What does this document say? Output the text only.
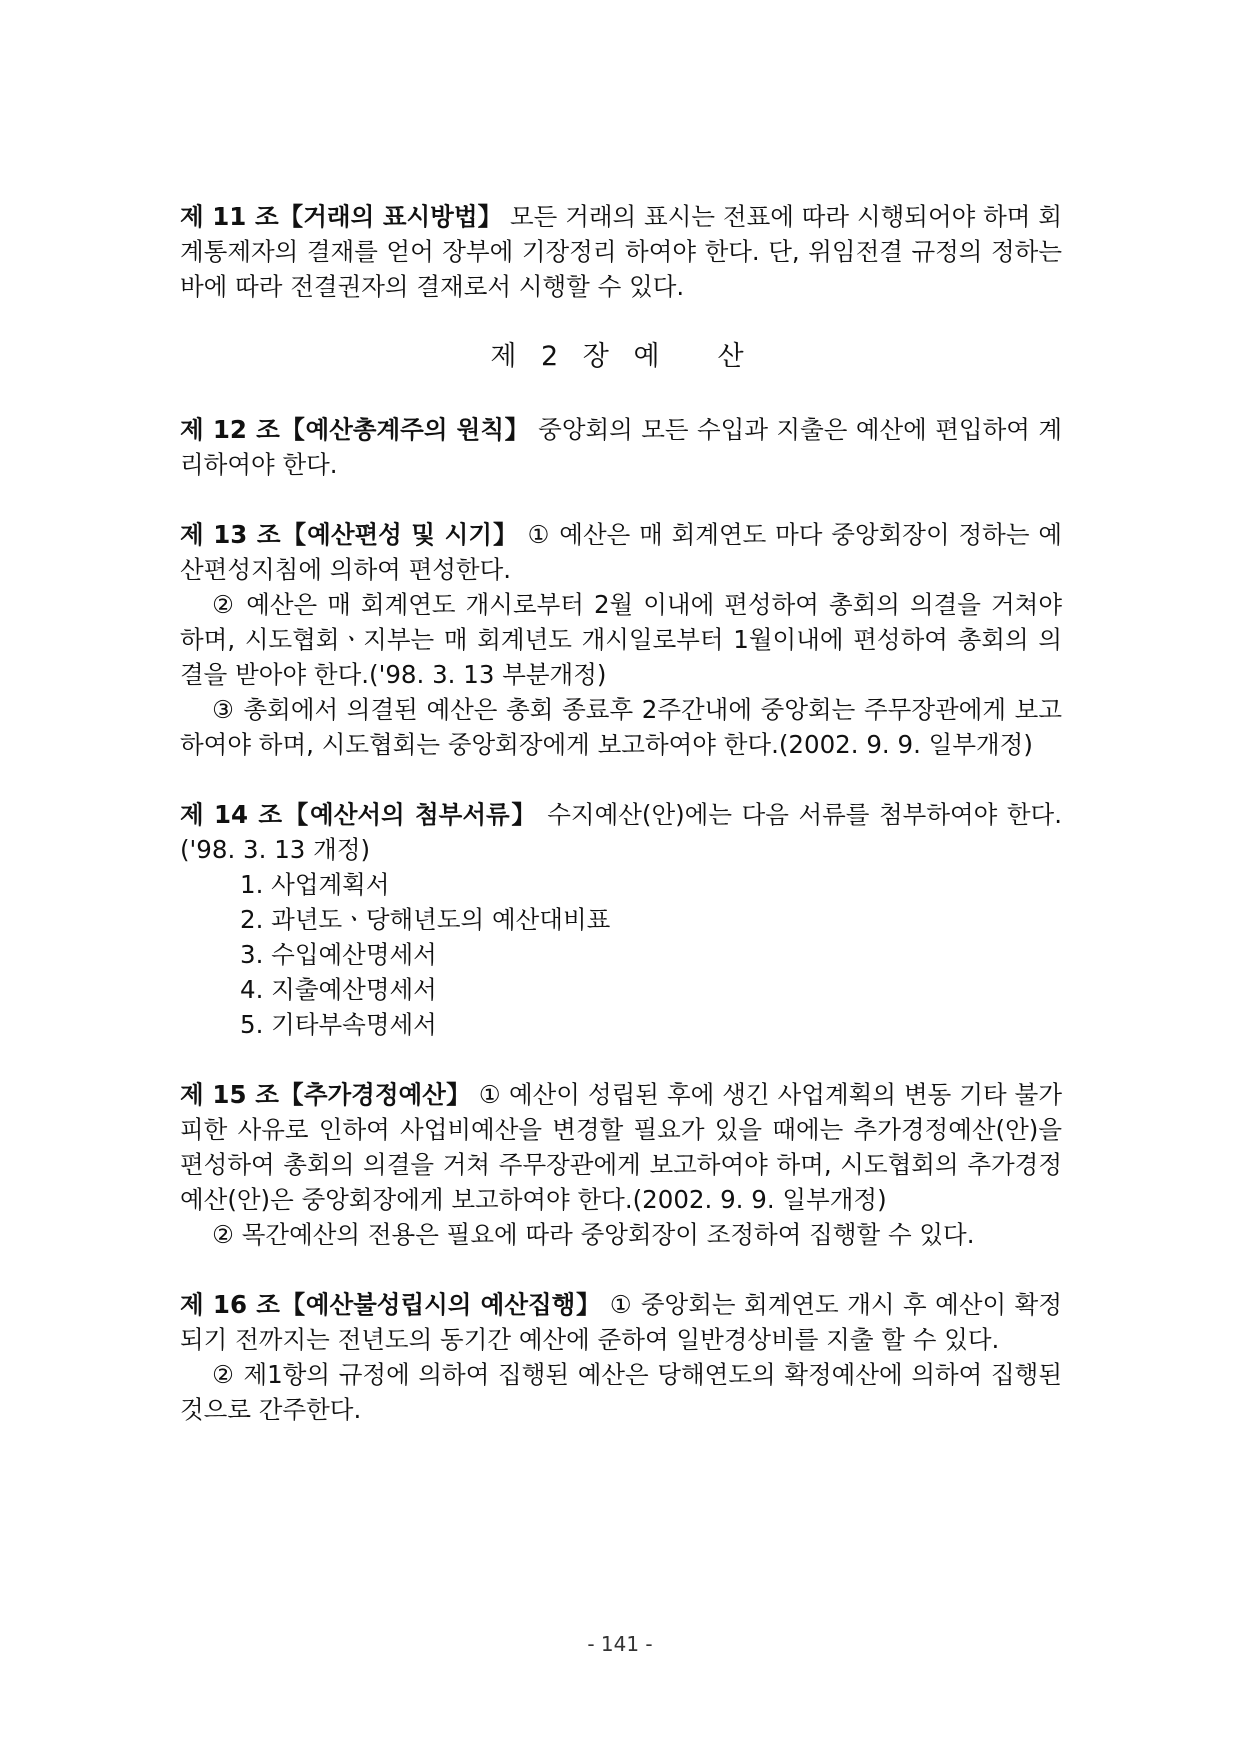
제 11 조【거래의 표시방법】 모든 거래의 표시는 전표에 따라 시행되어야 하며 회계통제자의 결재를 얻어 장부에 기장정리 하여야 한다. 단, 위임전결 규정의 정하는 바에 따라 전결권자의 결재로서 시행할 수 있다.

제 2 장 예 산

제 12 조【예산총계주의 원칙】 중앙회의 모든 수입과 지출은 예산에 편입하여 계리하여야 한다.

제 13 조【예산편성 및 시기】 ① 예산은 매 회계연도 마다 중앙회장이 정하는 예산편성지침에 의하여 편성한다.

② 예산은 매 회계연도 개시로부터 2월 이내에 편성하여 총회의 의결을 거쳐야 하며, 시도협회ㆍ지부는 매 회계년도 개시일로부터 1월이내에 편성하여 총회의 의결을 받아야 한다.('98. 3. 13 부분개정)

③ 총회에서 의결된 예산은 총회 종료후 2주간내에 중앙회는 주무장관에게 보고하여야 하며, 시도협회는 중앙회장에게 보고하여야 한다.(2002. 9. 9. 일부개정)

제 14 조【예산서의 첨부서류】 수지예산(안)에는 다음 서류를 첨부하여야 한다. ('98. 3. 13 개정)

1. 사업계획서
2. 과년도ㆍ당해년도의 예산대비표
3. 수입예산명세서
4. 지출예산명세서
5. 기타부속명세서

제 15 조【추가경정예산】 ① 예산이 성립된 후에 생긴 사업계획의 변동 기타 불가피한 사유로 인하여 사업비예산을 변경할 필요가 있을 때에는 추가경정예산(안)을 편성하여 총회의 의결을 거쳐 주무장관에게 보고하여야 하며, 시도협회의 추가경정예산(안)은 중앙회장에게 보고하여야 한다.(2002. 9. 9. 일부개정)

② 목간예산의 전용은 필요에 따라 중앙회장이 조정하여 집행할 수 있다.

제 16 조【예산불성립시의 예산집행】 ① 중앙회는 회계연도 개시 후 예산이 확정되기 전까지는 전년도의 동기간 예산에 준하여 일반경상비를 지출 할 수 있다.

② 제1항의 규정에 의하여 집행된 예산은 당해연도의 확정예산에 의하여 집행된 것으로 간주한다.

- 141 -
